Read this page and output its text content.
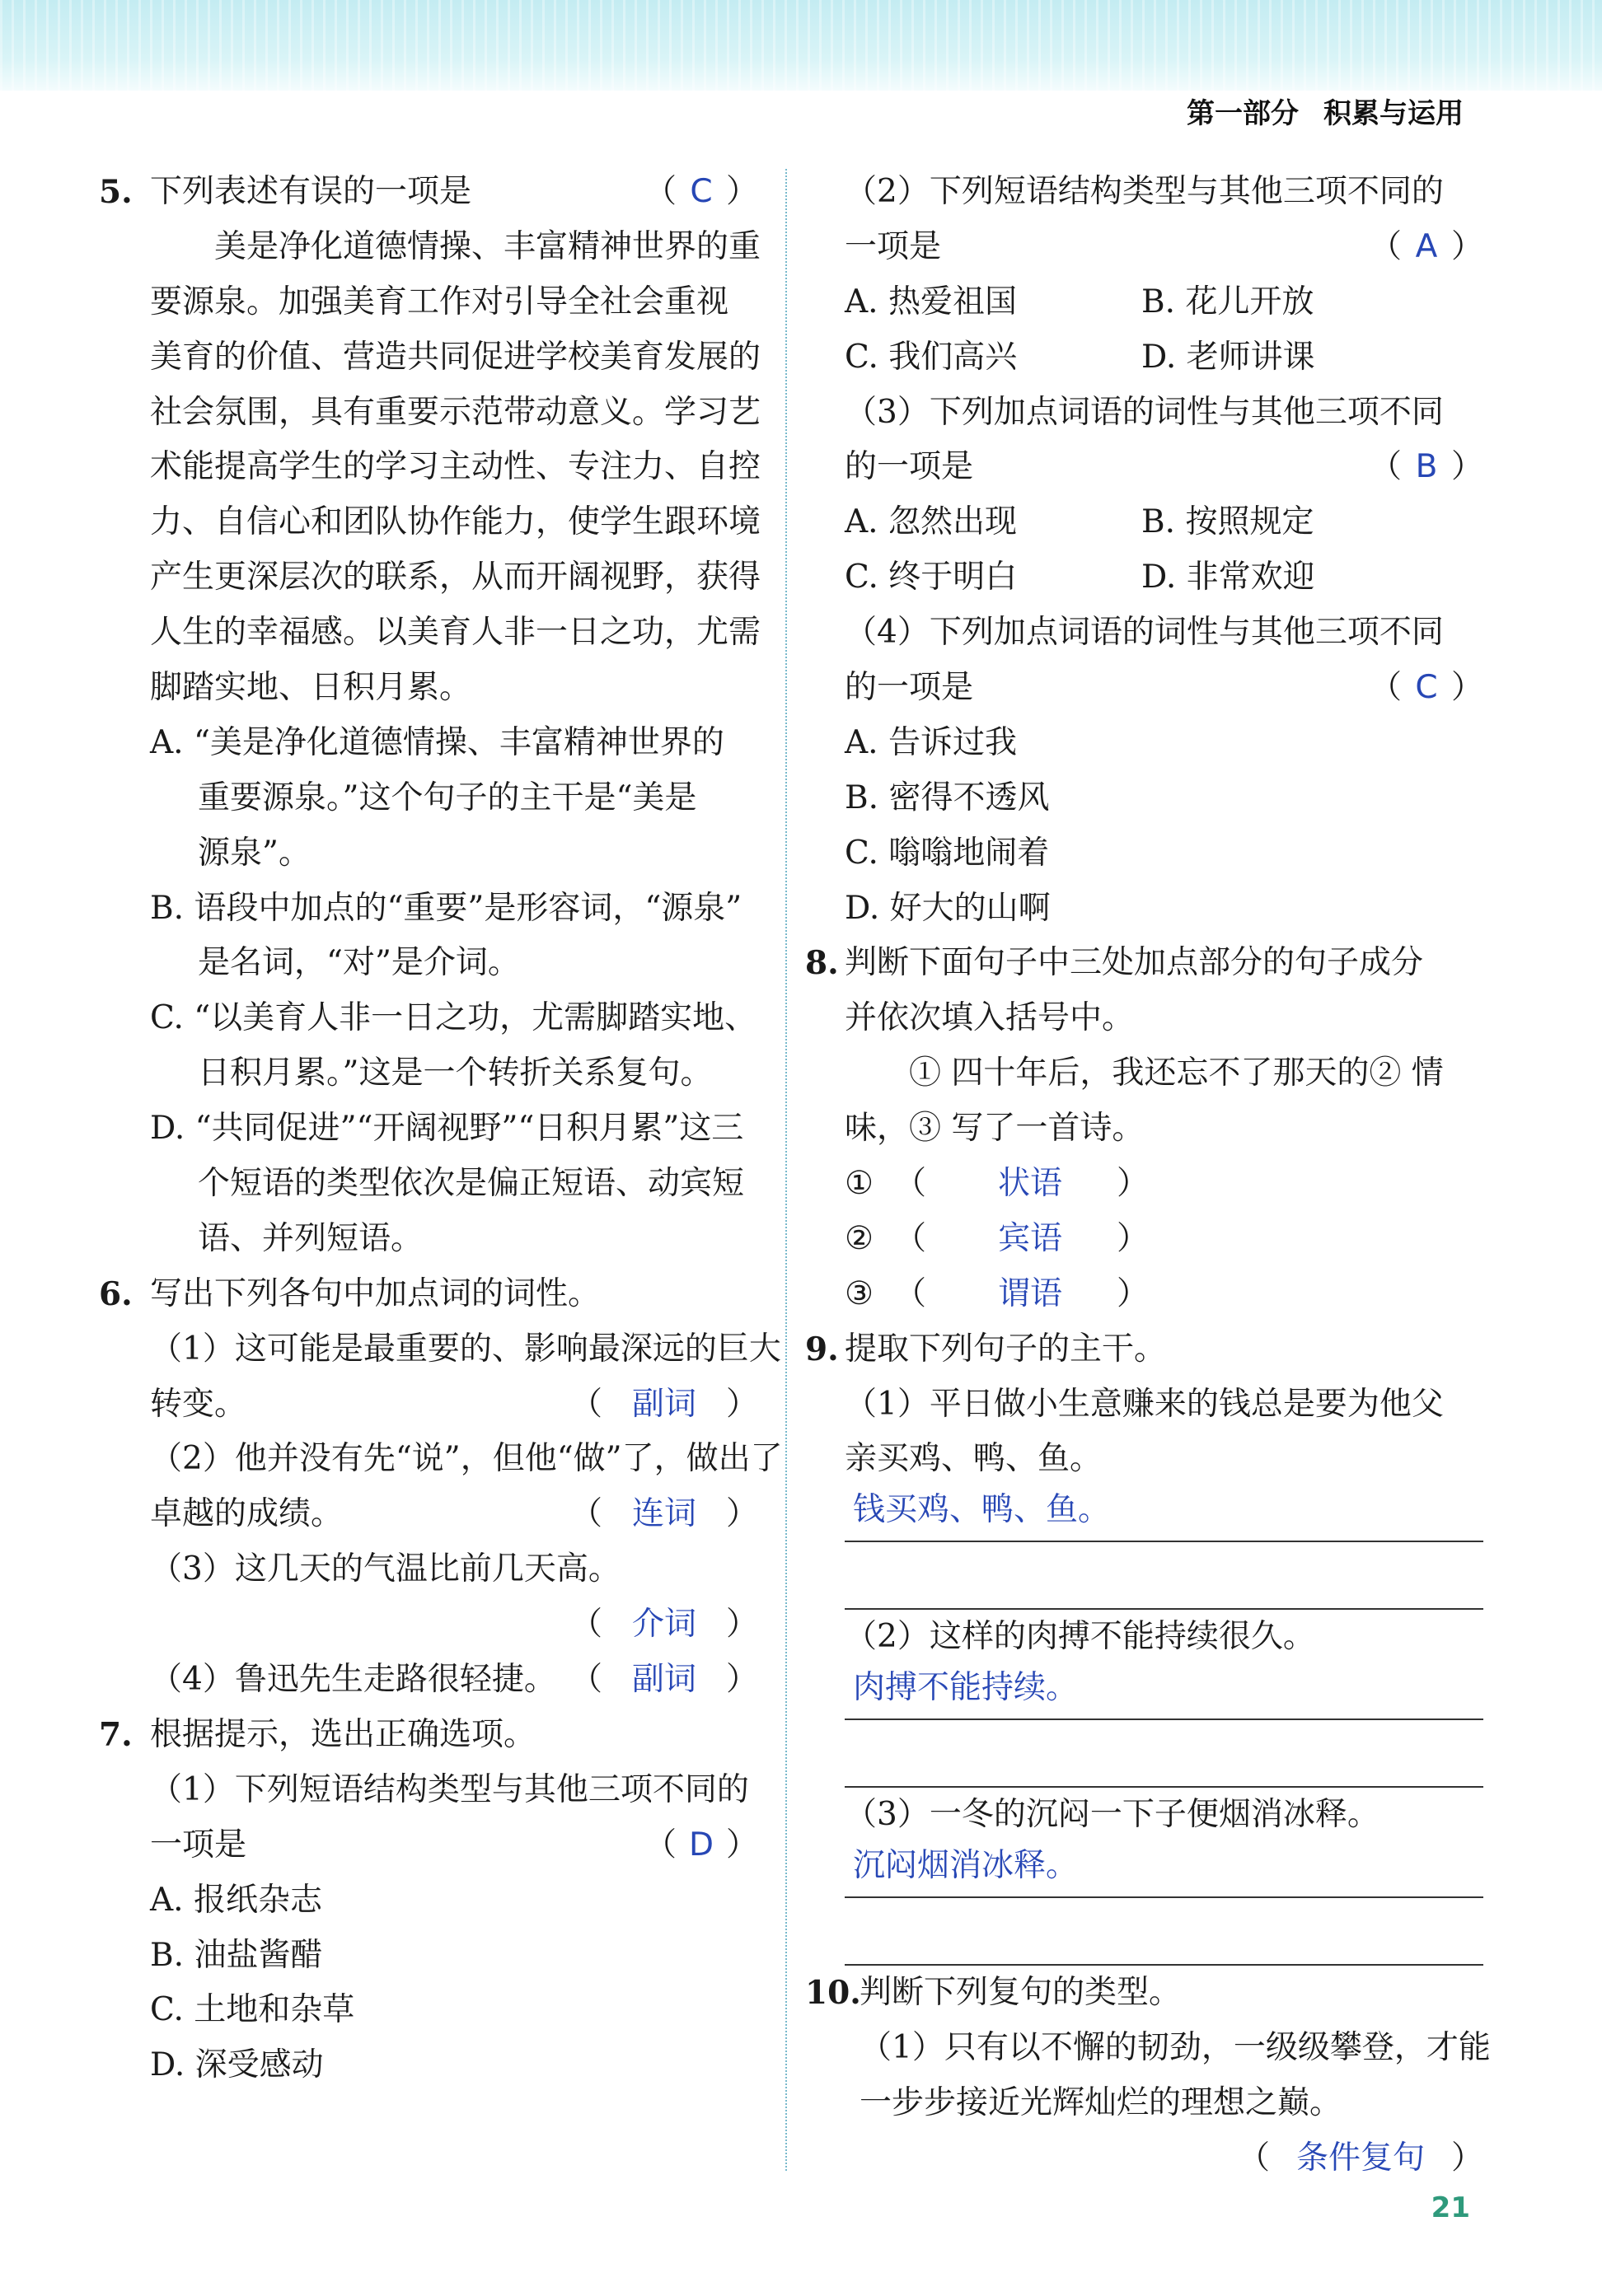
第一部分 积累与运用
5. 下列表述有误的一项是	（ C ）
美是净化道德情操、丰富精神世界的重
要源泉。加强美育工作对引导全社会重视
美育的价值、营造共同促进学校美育发展的
社会氛围，具有重要示范带动意义。学习艺
术能提高学生的学习主动性、专注力、自控
力、自信心和团队协作能力，使学生跟环境
产生更深层次的联系，从而开阔视野，获得
人生的幸福感。以美育人非一日之功，尤需
脚踏实地、日积月累。
A. “美是净化道德情操、丰富精神世界的
重要源泉。”这个句子的主干是“美是
源泉”。
B. 语段中加点的“重要”是形容词，“源泉”
是名词，“对”是介词。
C. “以美育人非一日之功，尤需脚踏实地、
日积月累。”这是一个转折关系复句。
D. “共同促进”“开阔视野”“日积月累”这三
个短语的类型依次是偏正短语、动宾短
语、并列短语。
6. 写出下列各句中加点词的词性。
（1）这可能是最重要的、影响最深远的巨大
转变。	（ 副词 ）
（2）他并没有先“说”，但他“做”了，做出了
卓越的成绩。	（ 连词 ）
（3）这几天的气温比前几天高。
（ 介词 ）
（4）鲁迅先生走路很轻捷。 （ 副词 ）
7. 根据提示，选出正确选项。
（1）下列短语结构类型与其他三项不同的
一项是	（ D ）
A. 报纸杂志
B. 油盐酱醋
C. 土地和杂草
D. 深受感动
（2）下列短语结构类型与其他三项不同的
一项是	（ A ）
A. 热爱祖国	B. 花儿开放
C. 我们高兴	D. 老师讲课
（3）下列加点词语的词性与其他三项不同
的一项是	（ B ）
A. 忽然出现	B. 按照规定
C. 终于明白	D. 非常欢迎
（4）下列加点词语的词性与其他三项不同
的一项是	（ C ）
A. 告诉过我
B. 密得不透风
C. 嗡嗡地闹着
D. 好大的山啊
8. 判断下面句子中三处加点部分的句子成分
并依次填入括号中。
① 四十年后，我还忘不了那天的② 情
味，③ 写了一首诗。
① （	状语	）
② （	宾语	）
③ （	谓语	）
9. 提取下列句子的主干。
（1）平日做小生意赚来的钱总是要为他父
亲买鸡、鸭、鱼。
钱买鸡、鸭、鱼。
（2）这样的肉搏不能持续很久。
肉搏不能持续。
（3）一冬的沉闷一下子便烟消冰释。
沉闷烟消冰释。
10.
判断下列复句的类型。
（1）只有以不懈的韧劲，一级级攀登，才能
一步步接近光辉灿烂的理想之巅。
（ 条件复句 ）
21
